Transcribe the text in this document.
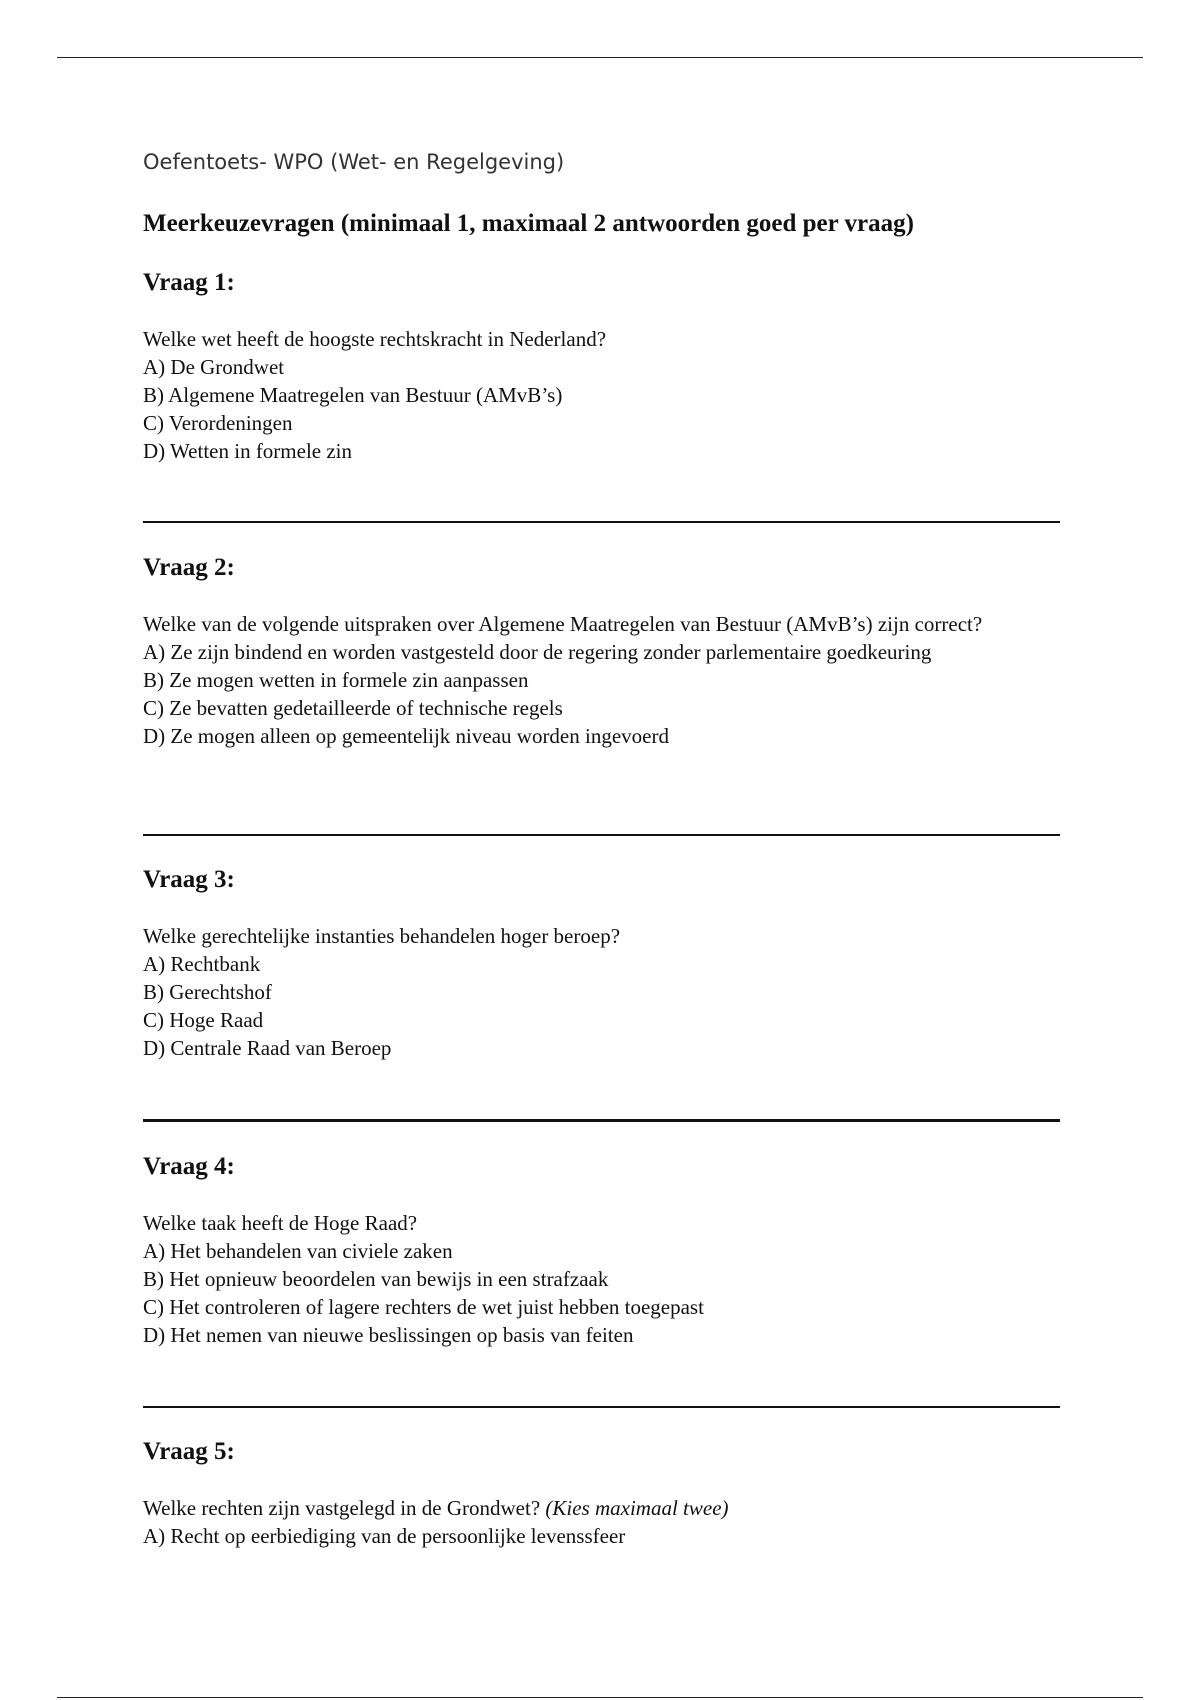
Oefentoets- WPO (Wet- en Regelgeving)
Meerkeuzevragen (minimaal 1, maximaal 2 antwoorden goed per vraag)
Vraag 1:

Welke wet heeft de hoogste rechtskracht in Nederland?

A) De Grondwet
B) Algemene Maatregelen van Bestuur (AMvB’s)
C) Verordeningen
D) Wetten in formele zin
Vraag 2:

Welke van de volgende uitspraken over Algemene Maatregelen van Bestuur (AMvB’s) zijn correct?

A) Ze zijn bindend en worden vastgesteld door de regering zonder parlementaire goedkeuring
B) Ze mogen wetten in formele zin aanpassen
C) Ze bevatten gedetailleerde of technische regels
D) Ze mogen alleen op gemeentelijk niveau worden ingevoerd
Vraag 3:

Welke gerechtelijke instanties behandelen hoger beroep?

A) Rechtbank
B) Gerechtshof
C) Hoge Raad
D) Centrale Raad van Beroep
Vraag 4:

Welke taak heeft de Hoge Raad?

A) Het behandelen van civiele zaken
B) Het opnieuw beoordelen van bewijs in een strafzaak
C) Het controleren of lagere rechters de wet juist hebben toegepast
D) Het nemen van nieuwe beslissingen op basis van feiten
Vraag 5:

Welke rechten zijn vastgelegd in de Grondwet? (Kies maximaal twee)

A) Recht op eerbiediging van de persoonlijke levenssfeer
